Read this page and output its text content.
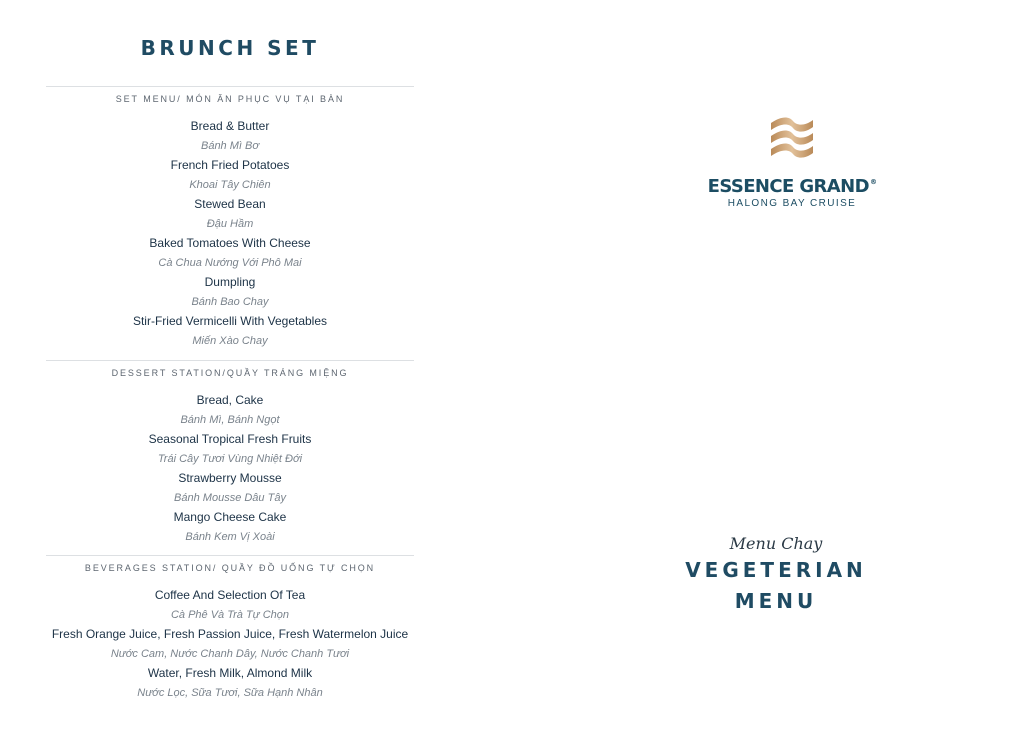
BRUNCH SET
SET MENU/ MÓN ĂN PHỤC VỤ TẠI BÀN
Bread & Butter
Bánh Mì Bơ
French Fried Potatoes
Khoai Tây Chiên
Stewed Bean
Đậu Hầm
Baked Tomatoes With Cheese
Cà Chua Nướng Với Phô Mai
Dumpling
Bánh Bao Chay
Stir-Fried Vermicelli With Vegetables
Miến Xào Chay
DESSERT STATION/QUẦY TRÁNG MIỆNG
Bread, Cake
Bánh Mì, Bánh Ngọt
Seasonal Tropical Fresh Fruits
Trái Cây Tươi Vùng Nhiệt Đới
Strawberry Mousse
Bánh Mousse Dâu Tây
Mango Cheese Cake
Bánh Kem Vị Xoài
BEVERAGES STATION/ QUẦY ĐỒ UỐNG TỰ CHỌN
Coffee And Selection Of Tea
Cà Phê Và Trà Tự Chọn
Fresh Orange Juice, Fresh Passion Juice, Fresh Watermelon Juice
Nước Cam, Nước Chanh Dây, Nước Chanh Tươi
Water, Fresh Milk, Almond Milk
Nước Lọc, Sữa Tươi, Sữa Hạnh Nhân
ESSENCE GRAND®
HALONG BAY CRUISE
Menu Chay
VEGETERIAN
MENU
